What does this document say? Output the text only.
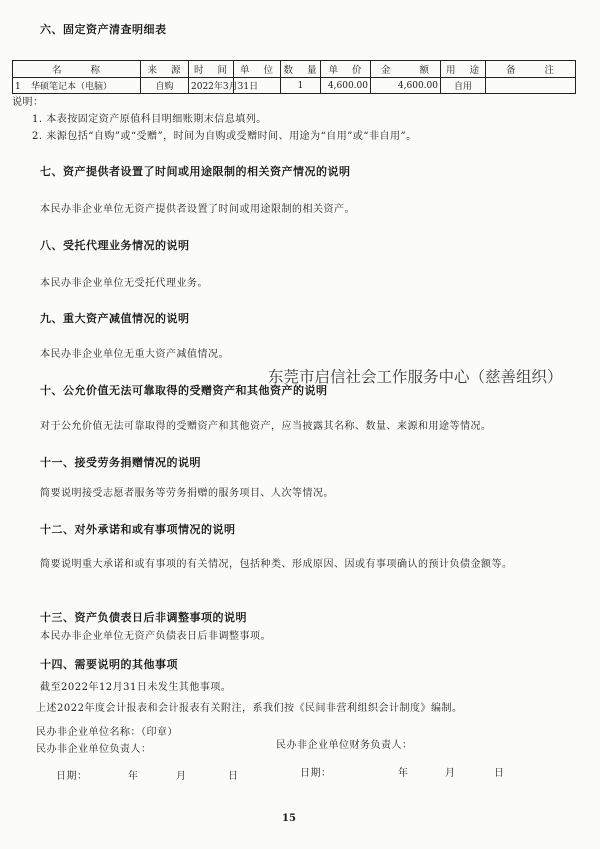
六、固定资产清查明细表
名 称	来 源	时 间	单 位	数 量	单 价	金 额	用 途	备 注
1 华硕笔记本（电脑）	自购	2022年3月31日		1	4,600.00	4,600.00	自用	
说明：
1. 本表按固定资产原值科目明细账期末信息填列。
2. 来源包括“自购”或“受赠”，时间为自购或受赠时间、用途为“自用”或“非自用”。
七、资产提供者设置了时间或用途限制的相关资产情况的说明
本民办非企业单位无资产提供者设置了时间或用途限制的相关资产。
八、受托代理业务情况的说明
本民办非企业单位无受托代理业务。
九、重大资产减值情况的说明
本民办非企业单位无重大资产减值情况。
东莞市启信社会工作服务中心（慈善组织）
十、公允价值无法可靠取得的受赠资产和其他资产的说明
对于公允价值无法可靠取得的受赠资产和其他资产，应当披露其名称、数量、来源和用途等情况。
十一、接受劳务捐赠情况的说明
简要说明接受志愿者服务等劳务捐赠的服务项目、人次等情况。
十二、对外承诺和或有事项情况的说明
简要说明重大承诺和或有事项的有关情况，包括种类、形成原因、因或有事项确认的预计负债金额等。
十三、资产负债表日后非调整事项的说明
本民办非企业单位无资产负债表日后非调整事项。
十四、需要说明的其他事项
截至2022年12月31日未发生其他事项。
上述2022年度会计报表和会计报表有关附注，系我们按《民间非营利组织会计制度》编制。
民办非企业单位名称：（印章）
民办非企业单位负责人：	民办非企业单位财务负责人：
日期：	年	月	日	日期：	年	月	日
15
